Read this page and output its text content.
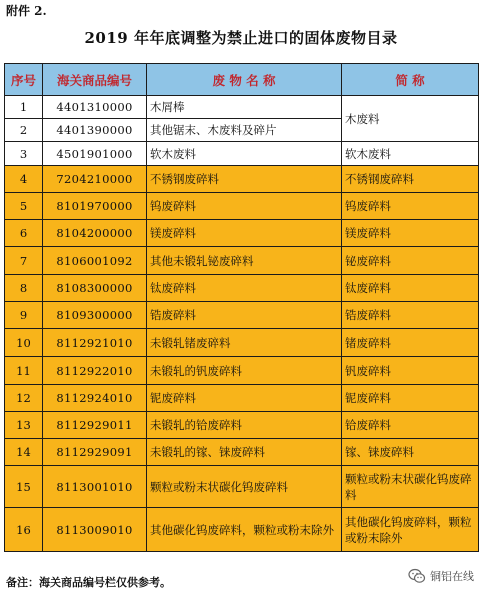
附件 2.
2019 年年底调整为禁止进口的固体废物目录
序号	海关商品编号	废 物 名 称	简 称
1	4401310000	木屑棒	木废料
2	4401390000	其他锯末、木废料及碎片	
3	4501901000	软木废料	软木废料
4	7204210000	不锈钢废碎料	不锈钢废碎料
5	8101970000	钨废碎料	钨废碎料
6	8104200000	镁废碎料	镁废碎料
7	8106001092	其他未锻轧铋废碎料	铋废碎料
8	8108300000	钛废碎料	钛废碎料
9	8109300000	锆废碎料	锆废碎料
10	8112921010	未锻轧锗废碎料	锗废碎料
11	8112922010	未锻轧的钒废碎料	钒废碎料
12	8112924010	铌废碎料	铌废碎料
13	8112929011	未锻轧的铪废碎料	铪废碎料
14	8112929091	未锻轧的镓、铼废碎料	镓、铼废碎料
15	8113001010	颗粒或粉末状碳化钨废碎料	颗粒或粉末状碳化钨废碎料
16	8113009010	其他碳化钨废碎料，颗粒或粉末除外	其他碳化钨废碎料，颗粒或粉末除外
备注：海关商品编号栏仅供参考。	铜铝在线
